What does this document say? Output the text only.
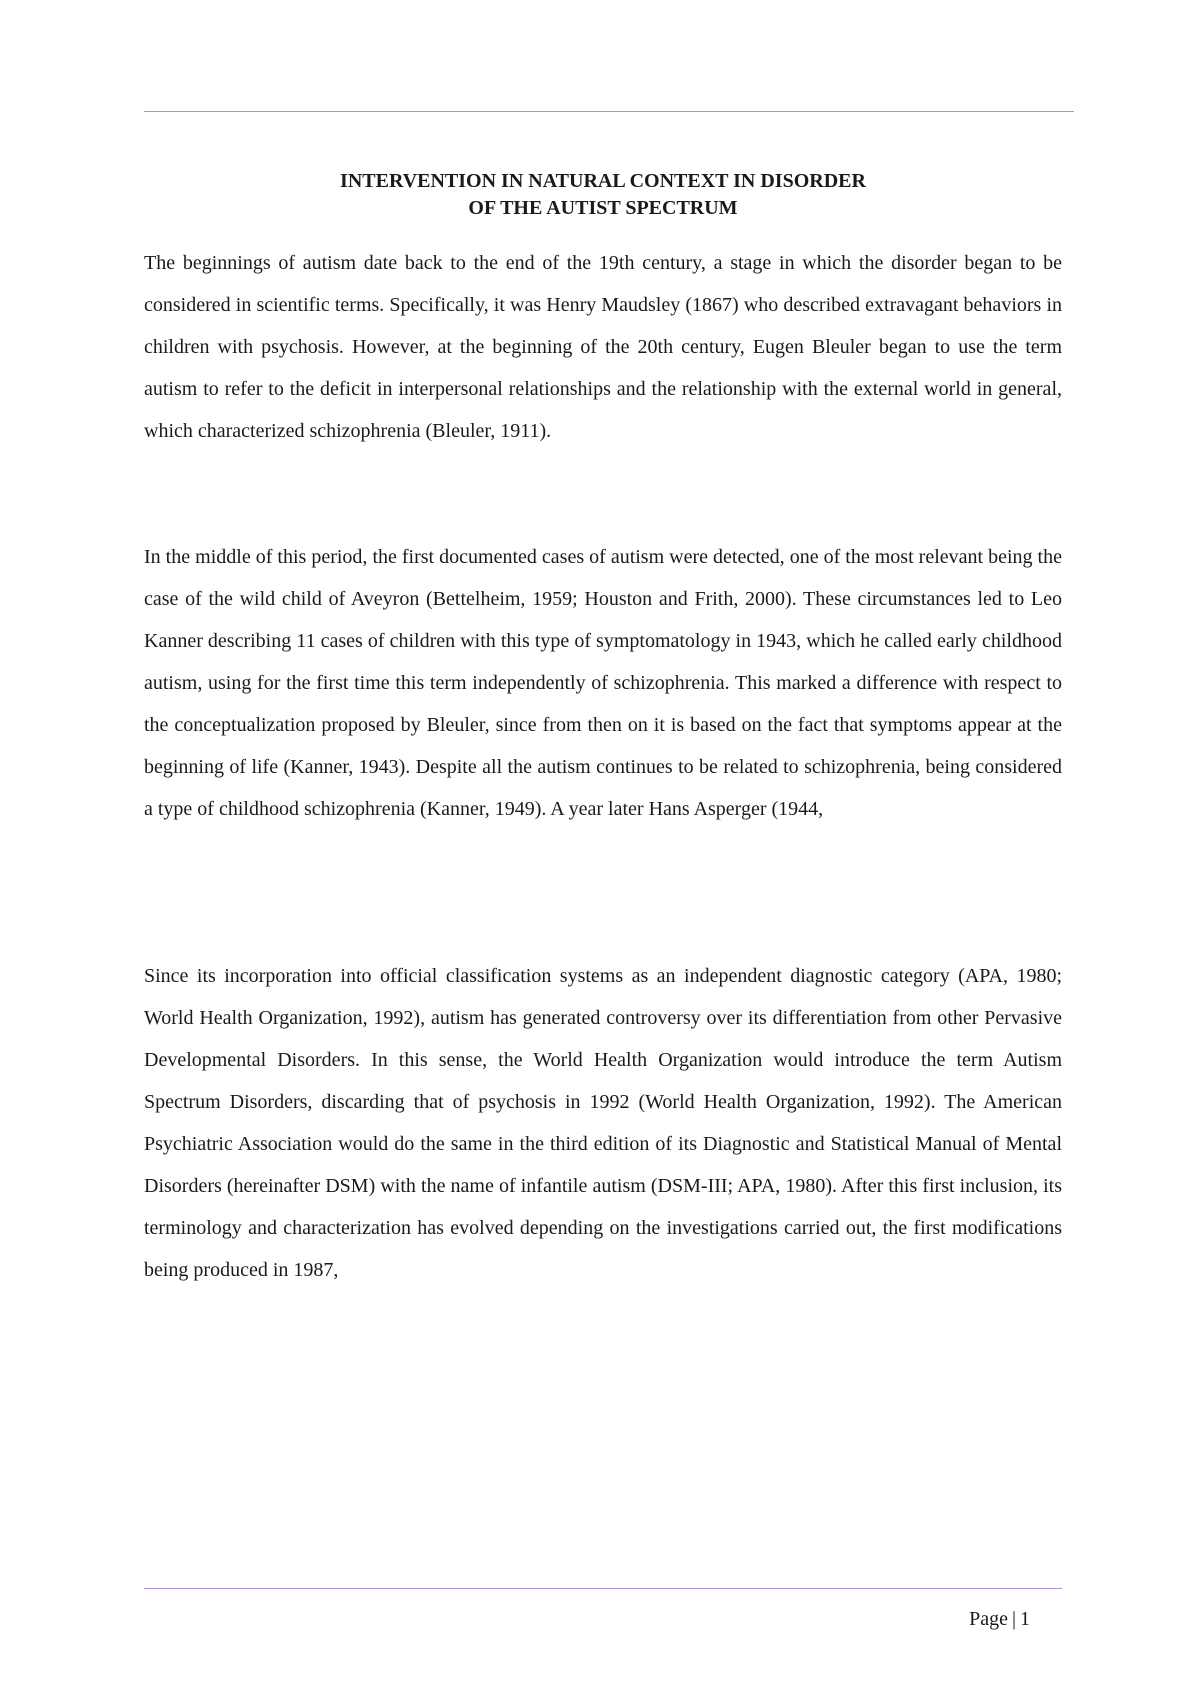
INTERVENTION IN NATURAL CONTEXT IN DISORDER
OF THE AUTIST SPECTRUM

The beginnings of autism date back to the end of the 19th century, a stage in which the disorder began to be considered in scientific terms. Specifically, it was Henry Maudsley (1867) who described extravagant behaviors in children with psychosis. However, at the beginning of the 20th century, Eugen Bleuler began to use the term autism to refer to the deficit in interpersonal relationships and the relationship with the external world in general, which characterized schizophrenia (Bleuler, 1911).

In the middle of this period, the first documented cases of autism were detected, one of the most relevant being the case of the wild child of Aveyron (Bettelheim, 1959; Houston and Frith, 2000). These circumstances led to Leo Kanner describing 11 cases of children with this type of symptomatology in 1943, which he called early childhood autism, using for the first time this term independently of schizophrenia. This marked a difference with respect to the conceptualization proposed by Bleuler, since from then on it is based on the fact that symptoms appear at the beginning of life (Kanner, 1943). Despite all the autism continues to be related to schizophrenia, being considered a type of childhood schizophrenia (Kanner, 1949). A year later Hans Asperger (1944,

Since its incorporation into official classification systems as an independent diagnostic category (APA, 1980; World Health Organization, 1992), autism has generated controversy over its differentiation from other Pervasive Developmental Disorders. In this sense, the World Health Organization would introduce the term Autism Spectrum Disorders, discarding that of psychosis in 1992 (World Health Organization, 1992). The American Psychiatric Association would do the same in the third edition of its Diagnostic and Statistical Manual of Mental Disorders (hereinafter DSM) with the name of infantile autism (DSM-III; APA, 1980). After this first inclusion, its terminology and characterization has evolved depending on the investigations carried out, the first modifications being produced in 1987,

Page | 1
